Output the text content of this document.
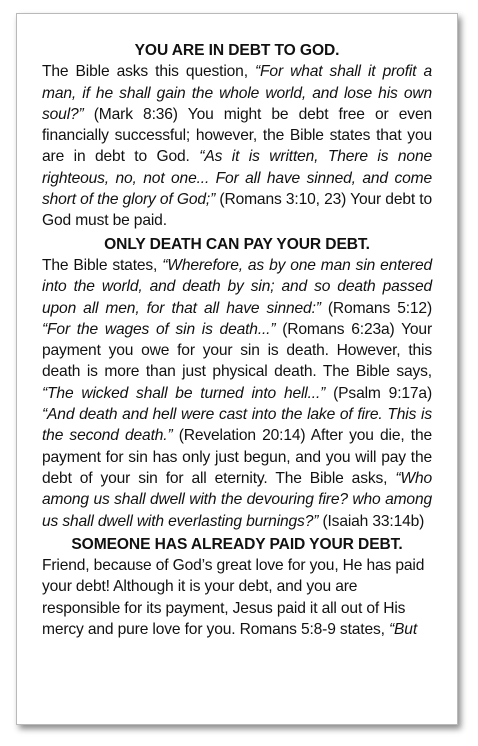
YOU ARE IN DEBT TO GOD.

The Bible asks this question, “For what shall it profit a man, if he shall gain the whole world, and lose his own soul?” (Mark 8:36) You might be debt free or even financially successful; however, the Bible states that you are in debt to God. “As it is written, There is none righteous, no, not one... For all have sinned, and come short of the glory of God;” (Romans 3:10, 23) Your debt to God must be paid.

ONLY DEATH CAN PAY YOUR DEBT.

The Bible states, “Wherefore, as by one man sin entered into the world, and death by sin; and so death passed upon all men, for that all have sinned:” (Romans 5:12) “For the wages of sin is death...” (Romans 6:23a) Your payment you owe for your sin is death. However, this death is more than just physical death. The Bible says, “The wicked shall be turned into hell...” (Psalm 9:17a) “And death and hell were cast into the lake of fire. This is the second death.” (Revelation 20:14) After you die, the payment for sin has only just begun, and you will pay the debt of your sin for all eternity. The Bible asks, “Who among us shall dwell with the devouring fire? who among us shall dwell with everlasting burnings?” (Isaiah 33:14b)

SOMEONE HAS ALREADY PAID YOUR DEBT.

Friend, because of God’s great love for you, He has paid your debt! Although it is your debt, and you are responsible for its payment, Jesus paid it all out of His mercy and pure love for you. Romans 5:8-9 states, “But
